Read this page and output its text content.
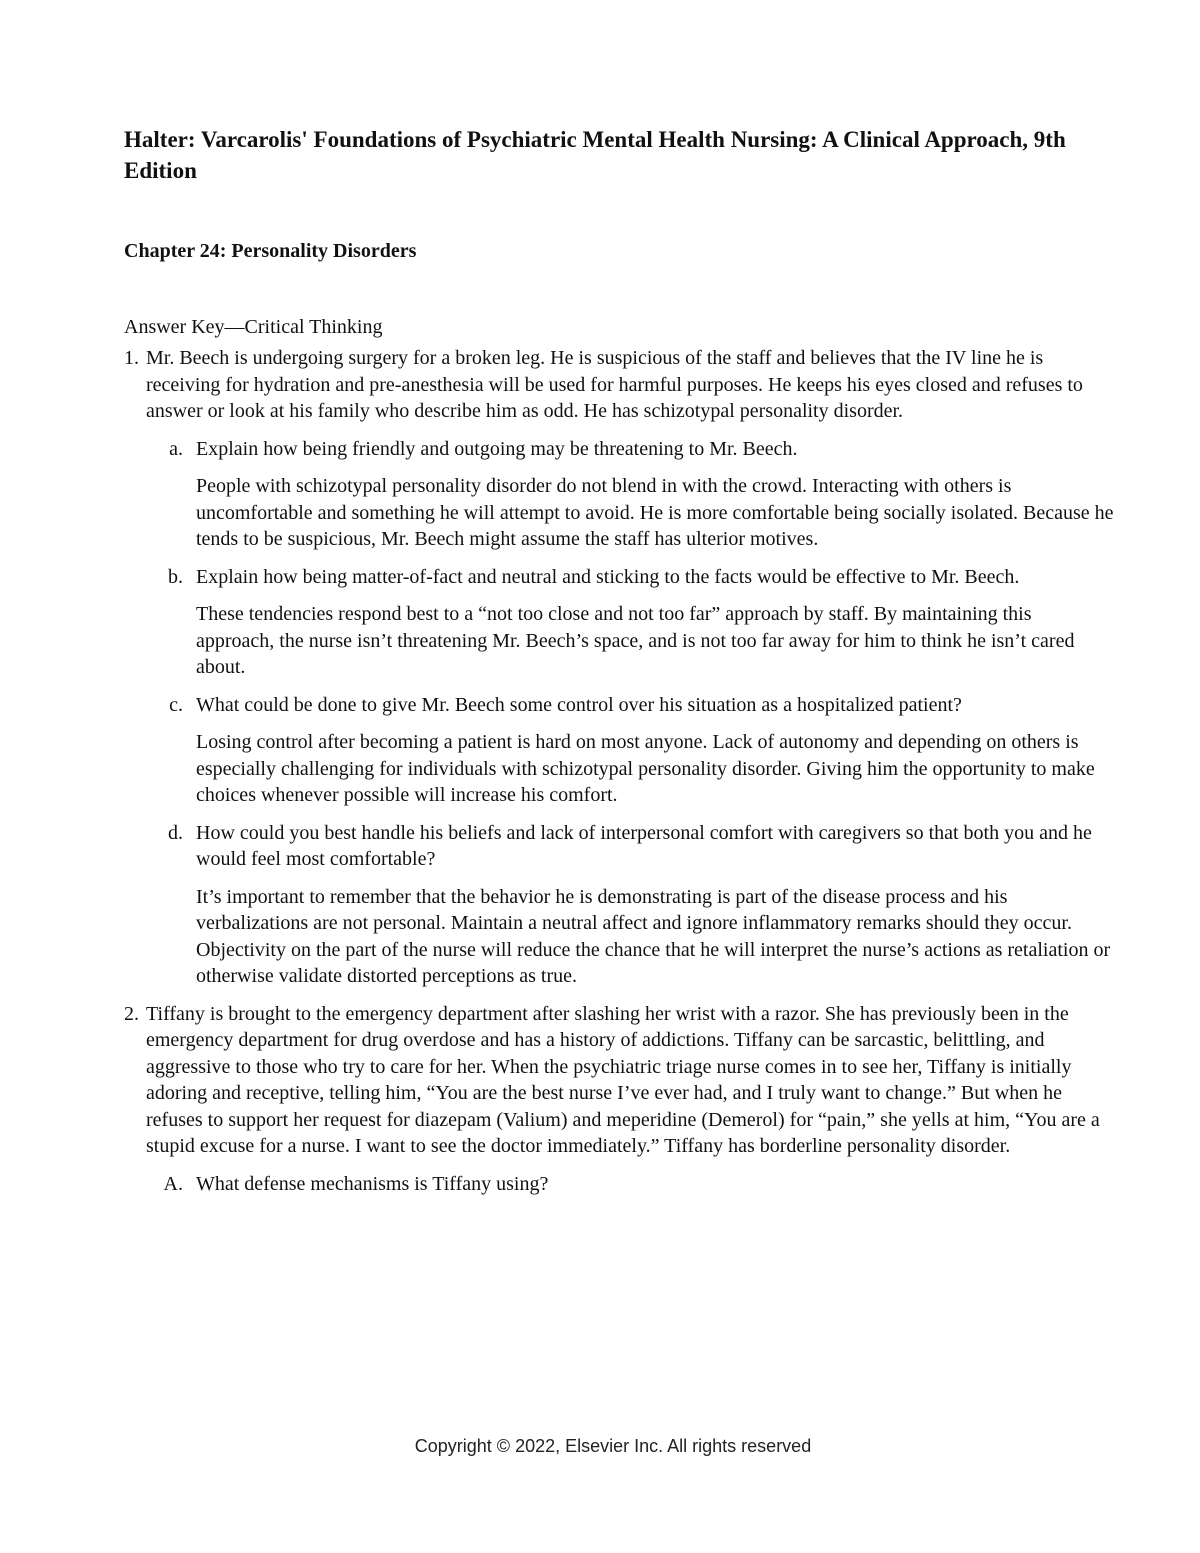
Halter: Varcarolis' Foundations of Psychiatric Mental Health Nursing: A Clinical Approach, 9th Edition
Chapter 24: Personality Disorders
Answer Key—Critical Thinking
1. Mr. Beech is undergoing surgery for a broken leg. He is suspicious of the staff and believes that the IV line he is receiving for hydration and pre-anesthesia will be used for harmful purposes. He keeps his eyes closed and refuses to answer or look at his family who describe him as odd. He has schizotypal personality disorder.
a. Explain how being friendly and outgoing may be threatening to Mr. Beech.
People with schizotypal personality disorder do not blend in with the crowd. Interacting with others is uncomfortable and something he will attempt to avoid. He is more comfortable being socially isolated. Because he tends to be suspicious, Mr. Beech might assume the staff has ulterior motives.
b. Explain how being matter-of-fact and neutral and sticking to the facts would be effective to Mr. Beech.
These tendencies respond best to a “not too close and not too far” approach by staff. By maintaining this approach, the nurse isn’t threatening Mr. Beech’s space, and is not too far away for him to think he isn’t cared about.
c. What could be done to give Mr. Beech some control over his situation as a hospitalized patient?
Losing control after becoming a patient is hard on most anyone. Lack of autonomy and depending on others is especially challenging for individuals with schizotypal personality disorder. Giving him the opportunity to make choices whenever possible will increase his comfort.
d. How could you best handle his beliefs and lack of interpersonal comfort with caregivers so that both you and he would feel most comfortable?
It’s important to remember that the behavior he is demonstrating is part of the disease process and his verbalizations are not personal. Maintain a neutral affect and ignore inflammatory remarks should they occur. Objectivity on the part of the nurse will reduce the chance that he will interpret the nurse’s actions as retaliation or otherwise validate distorted perceptions as true.
2. Tiffany is brought to the emergency department after slashing her wrist with a razor. She has previously been in the emergency department for drug overdose and has a history of addictions. Tiffany can be sarcastic, belittling, and aggressive to those who try to care for her. When the psychiatric triage nurse comes in to see her, Tiffany is initially adoring and receptive, telling him, “You are the best nurse I’ve ever had, and I truly want to change.” But when he refuses to support her request for diazepam (Valium) and meperidine (Demerol) for “pain,” she yells at him, “You are a stupid excuse for a nurse. I want to see the doctor immediately.” Tiffany has borderline personality disorder.
A. What defense mechanisms is Tiffany using?
Copyright © 2022, Elsevier Inc. All rights reserved
